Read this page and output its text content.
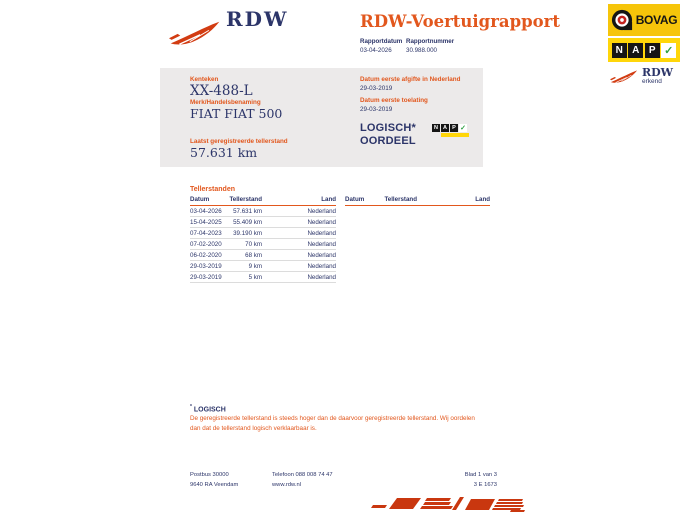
RDW	RDW-Voertuigrapport
Rapportdatum
03-04-2026
Rapportnummer
30.988.000
BOVAG
N A P ✓
RDW
erkend
Kenteken
XX-488-L
Merk/Handelsbenaming
FIAT FIAT 500
Laatst geregistreerde tellerstand
57.631 km
Datum eerste afgifte in Nederland
29-03-2019
Datum eerste toelating
29-03-2019
LOGISCH*
OORDEEL
N A P ✓
Tellerstanden
Datum	Tellerstand	Land
03-04-2026	57.631 km	Nederland
15-04-2025	55.409 km	Nederland
07-04-2023	39.190 km	Nederland
07-02-2020	70 km	Nederland
06-02-2020	68 km	Nederland
29-03-2019	9 km	Nederland
29-03-2019	5 km	Nederland
Datum	Tellerstand	Land
* LOGISCH
De geregistreerde tellerstand is steeds hoger dan de daarvoor geregistreerde tellerstand. Wij oordelen dan dat de tellerstand logisch verklaarbaar is.
Postbus 30000
9640 RA Veendam
Telefoon 088 008 74 47
www.rdw.nl
Blad 1 van 3
3 E 1673
